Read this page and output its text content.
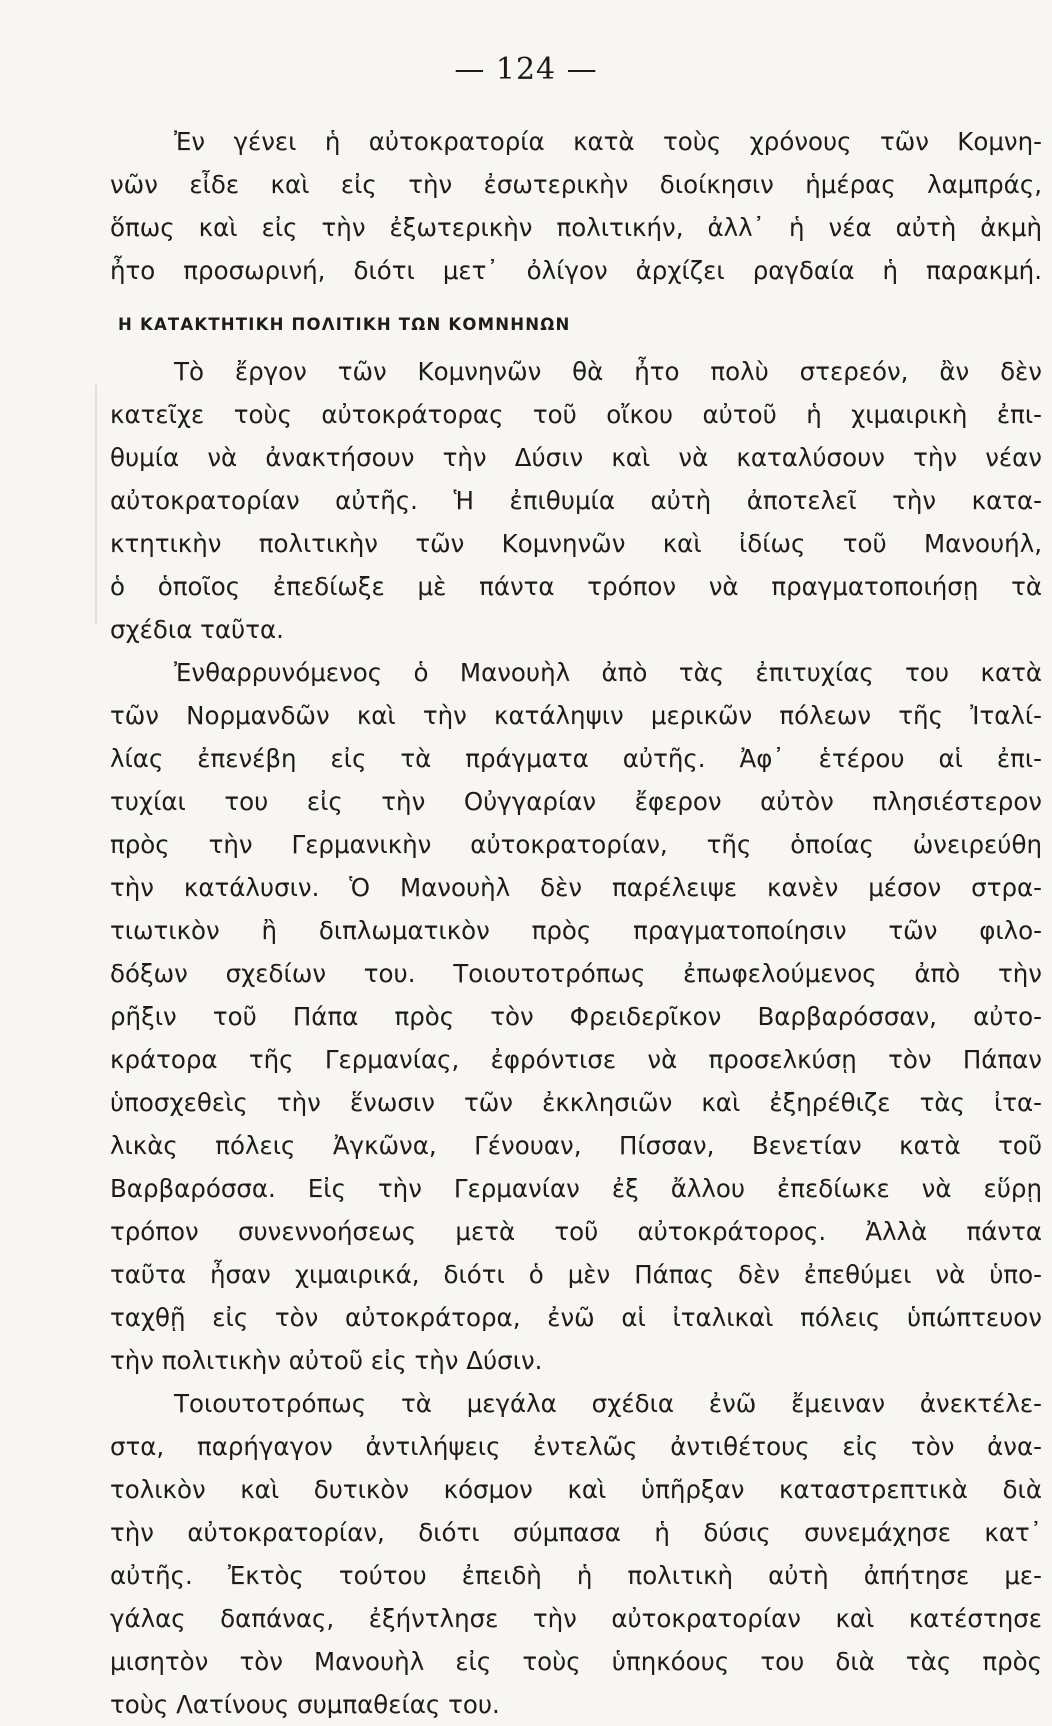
— 124 —
Ἐν γένει ἡ αὐτοκρατορία κατὰ τοὺς χρόνους τῶν Κομνη-
νῶν εἶδε καὶ εἰς τὴν ἐσωτερικὴν διοίκησιν ἡμέρας λαμπράς,
ὅπως καὶ εἰς τὴν ἐξωτερικὴν πολιτικήν, ἀλλ᾽ ἡ νέα αὐτὴ ἀκμὴ
ἦτο προσωρινή, διότι μετ᾽ ὀλίγον ἀρχίζει ραγδαία ἡ παρακμή.
Η ΚΑΤΑΚΤΗΤΙΚΗ ΠΟΛΙΤΙΚΗ ΤΩΝ ΚΟΜΝΗΝΩΝ
Τὸ ἔργον τῶν Κομνηνῶν θὰ ἦτο πολὺ στερεόν, ἂν δὲν
κατεῖχε τοὺς αὐτοκράτορας τοῦ οἴκου αὐτοῦ ἡ χιμαιρικὴ ἐπι-
θυμία νὰ ἀνακτήσουν τὴν Δύσιν καὶ νὰ καταλύσουν τὴν νέαν
αὐτοκρατορίαν αὐτῆς. Ἡ ἐπιθυμία αὐτὴ ἀποτελεῖ τὴν κατα-
κτητικὴν πολιτικὴν τῶν Κομνηνῶν καὶ ἰδίως τοῦ Μανουήλ,
ὁ ὁποῖος ἐπεδίωξε μὲ πάντα τρόπον νὰ πραγματοποιήσῃ τὰ
σχέδια ταῦτα.
Ἐνθαρρυνόμενος ὁ Μανουὴλ ἀπὸ τὰς ἐπιτυχίας του κατὰ
τῶν Νορμανδῶν καὶ τὴν κατάληψιν μερικῶν πόλεων τῆς Ἰταλί-
λίας ἐπενέβη εἰς τὰ πράγματα αὐτῆς. Ἀφ᾽ ἑτέρου αἱ ἐπι-
τυχίαι του εἰς τὴν Οὐγγαρίαν ἔφερον αὐτὸν πλησιέστερον
πρὸς τὴν Γερμανικὴν αὐτοκρατορίαν, τῆς ὁποίας ὠνειρεύθη
τὴν κατάλυσιν. Ὁ Μανουὴλ δὲν παρέλειψε κανὲν μέσον στρα-
τιωτικὸν ἢ διπλωματικὸν πρὸς πραγματοποίησιν τῶν φιλο-
δόξων σχεδίων του. Τοιουτοτρόπως ἐπωφελούμενος ἀπὸ τὴν
ρῆξιν τοῦ Πάπα πρὸς τὸν Φρειδερῖκον Βαρβαρόσσαν, αὐτο-
κράτορα τῆς Γερμανίας, ἐφρόντισε νὰ προσελκύσῃ τὸν Πάπαν
ὑποσχεθεὶς τὴν ἕνωσιν τῶν ἐκκλησιῶν καὶ ἐξηρέθιζε τὰς ἰτα-
λικὰς πόλεις Ἀγκῶνα, Γένουαν, Πίσσαν, Βενετίαν κατὰ τοῦ
Βαρβαρόσσα. Εἰς τὴν Γερμανίαν ἐξ ἄλλου ἐπεδίωκε νὰ εὕρῃ
τρόπον συνεννοήσεως μετὰ τοῦ αὐτοκράτορος. Ἀλλὰ πάντα
ταῦτα ἦσαν χιμαιρικά, διότι ὁ μὲν Πάπας δὲν ἐπεθύμει νὰ ὑπο-
ταχθῇ εἰς τὸν αὐτοκράτορα, ἐνῶ αἱ ἰταλικαὶ πόλεις ὑπώπτευον
τὴν πολιτικὴν αὐτοῦ εἰς τὴν Δύσιν.
Τοιουτοτρόπως τὰ μεγάλα σχέδια ἐνῶ ἔμειναν ἀνεκτέλε-
στα, παρήγαγον ἀντιλήψεις ἐντελῶς ἀντιθέτους εἰς τὸν ἀνα-
τολικὸν καὶ δυτικὸν κόσμον καὶ ὑπῆρξαν καταστρεπτικὰ διὰ
τὴν αὐτοκρατορίαν, διότι σύμπασα ἡ δύσις συνεμάχησε κατ᾽
αὐτῆς. Ἐκτὸς τούτου ἐπειδὴ ἡ πολιτικὴ αὐτὴ ἀπήτησε με-
γάλας δαπάνας, ἐξήντλησε τὴν αὐτοκρατορίαν καὶ κατέστησε
μισητὸν τὸν Μανουὴλ εἰς τοὺς ὑπηκόους του διὰ τὰς πρὸς
τοὺς Λατίνους συμπαθείας του.
